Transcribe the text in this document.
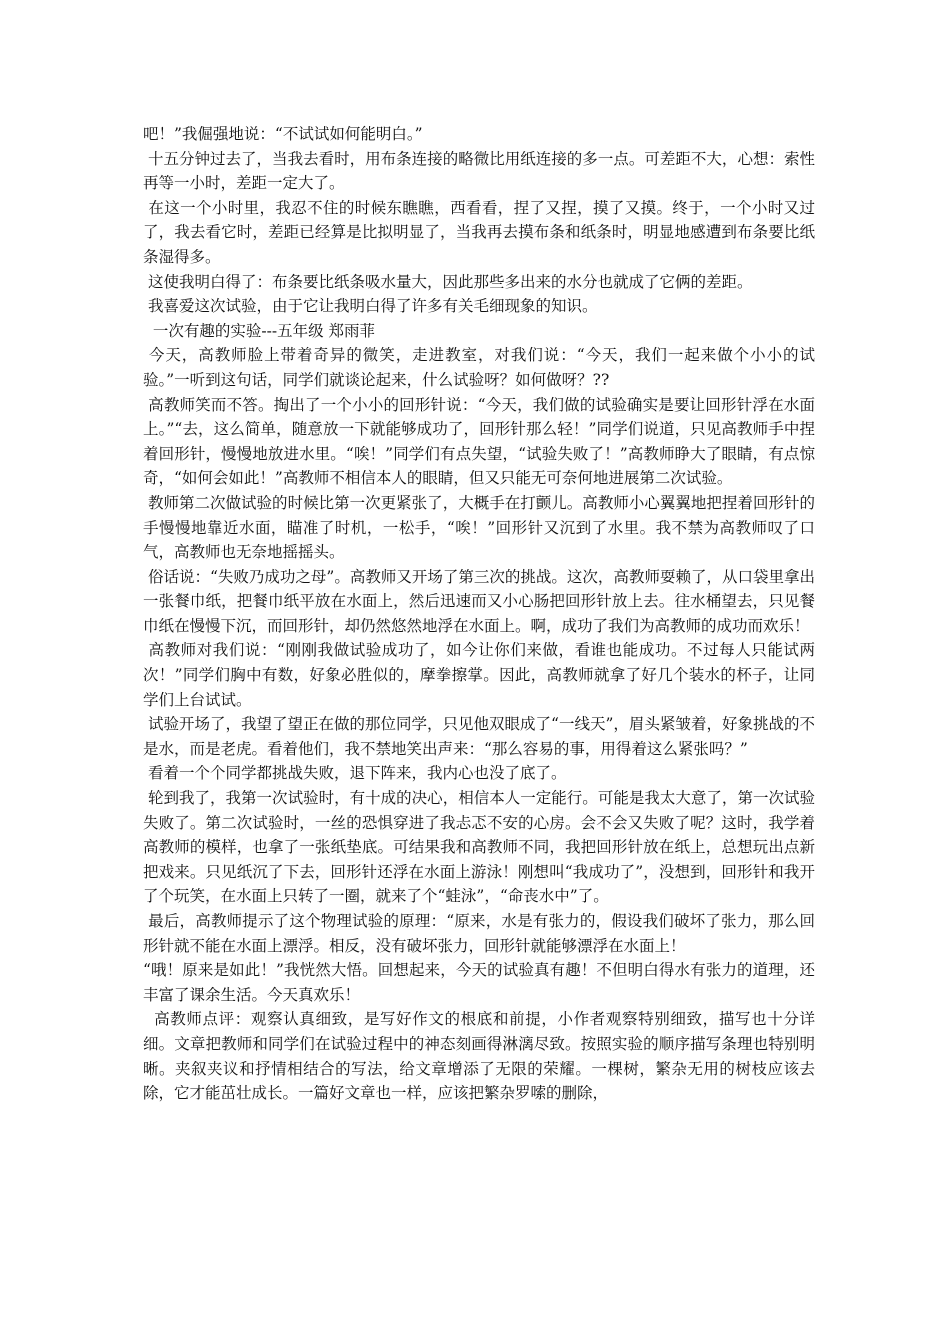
吧！”我倔强地说：“不试试如何能明白。”

十五分钟过去了，当我去看时，用布条连接的略微比用纸连接的多一点。可差距不大，心想：索性再等一小时，差距一定大了。

在这一个小时里，我忍不住的时候东瞧瞧，西看看，捏了又捏，摸了又摸。终于，一个小时又过了，我去看它时，差距已经算是比拟明显了，当我再去摸布条和纸条时，明显地感遭到布条要比纸条湿得多。

这使我明白得了：布条要比纸条吸水量大，因此那些多出来的水分也就成了它俩的差距。

我喜爱这次试验，由于它让我明白得了许多有关毛细现象的知识。

一次有趣的实验---五年级 郑雨菲

今天，高教师脸上带着奇异的微笑，走进教室，对我们说：“今天，我们一起来做个小小的试验。”一听到这句话，同学们就谈论起来，什么试验呀？如何做呀？??

高教师笑而不答。掏出了一个小小的回形针说：“今天，我们做的试验确实是要让回形针浮在水面上。”“去，这么简单，随意放一下就能够成功了，回形针那么轻！”同学们说道，只见高教师手中捏着回形针，慢慢地放进水里。“唉！”同学们有点失望，“试验失败了！”高教师睁大了眼睛，有点惊奇，“如何会如此！”高教师不相信本人的眼睛，但又只能无可奈何地进展第二次试验。

教师第二次做试验的时候比第一次更紧张了，大概手在打颤儿。高教师小心翼翼地把捏着回形针的手慢慢地靠近水面，瞄准了时机，一松手，“唉！”回形针又沉到了水里。我不禁为高教师叹了口气，高教师也无奈地摇摇头。

俗话说：“失败乃成功之母”。高教师又开场了第三次的挑战。这次，高教师耍赖了，从口袋里拿出一张餐巾纸，把餐巾纸平放在水面上，然后迅速而又小心肠把回形针放上去。往水桶望去，只见餐巾纸在慢慢下沉，而回形针，却仍然悠然地浮在水面上。啊，成功了我们为高教师的成功而欢乐！

高教师对我们说：“刚刚我做试验成功了，如今让你们来做，看谁也能成功。不过每人只能试两次！”同学们胸中有数，好象必胜似的，摩拳擦掌。因此，高教师就拿了好几个装水的杯子，让同学们上台试试。

试验开场了，我望了望正在做的那位同学，只见他双眼成了“一线天”，眉头紧皱着，好象挑战的不是水，而是老虎。看着他们，我不禁地笑出声来：“那么容易的事，用得着这么紧张吗？”

看着一个个同学都挑战失败，退下阵来，我内心也没了底了。

轮到我了，我第一次试验时，有十成的决心，相信本人一定能行。可能是我太大意了，第一次试验失败了。第二次试验时，一丝的恐惧穿进了我忐忑不安的心房。会不会又失败了呢？这时，我学着高教师的模样，也拿了一张纸垫底。可结果我和高教师不同，我把回形针放在纸上，总想玩出点新把戏来。只见纸沉了下去，回形针还浮在水面上游泳！刚想叫“我成功了”，没想到，回形针和我开了个玩笑，在水面上只转了一圈，就来了个“蛙泳”，“命丧水中”了。

最后，高教师提示了这个物理试验的原理：“原来，水是有张力的，假设我们破坏了张力，那么回形针就不能在水面上漂浮。相反，没有破坏张力，回形针就能够漂浮在水面上！

“哦！原来是如此！”我恍然大悟。回想起来，今天的试验真有趣！不但明白得水有张力的道理，还丰富了课余生活。今天真欢乐！

高教师点评：观察认真细致，是写好作文的根底和前提，小作者观察特别细致，描写也十分详细。文章把教师和同学们在试验过程中的神态刻画得淋漓尽致。按照实验的顺序描写条理也特别明晰。夹叙夹议和抒情相结合的写法，给文章增添了无限的荣耀。一棵树，繁杂无用的树枝应该去除，它才能茁壮成长。一篇好文章也一样，应该把繁杂罗嗦的删除，
